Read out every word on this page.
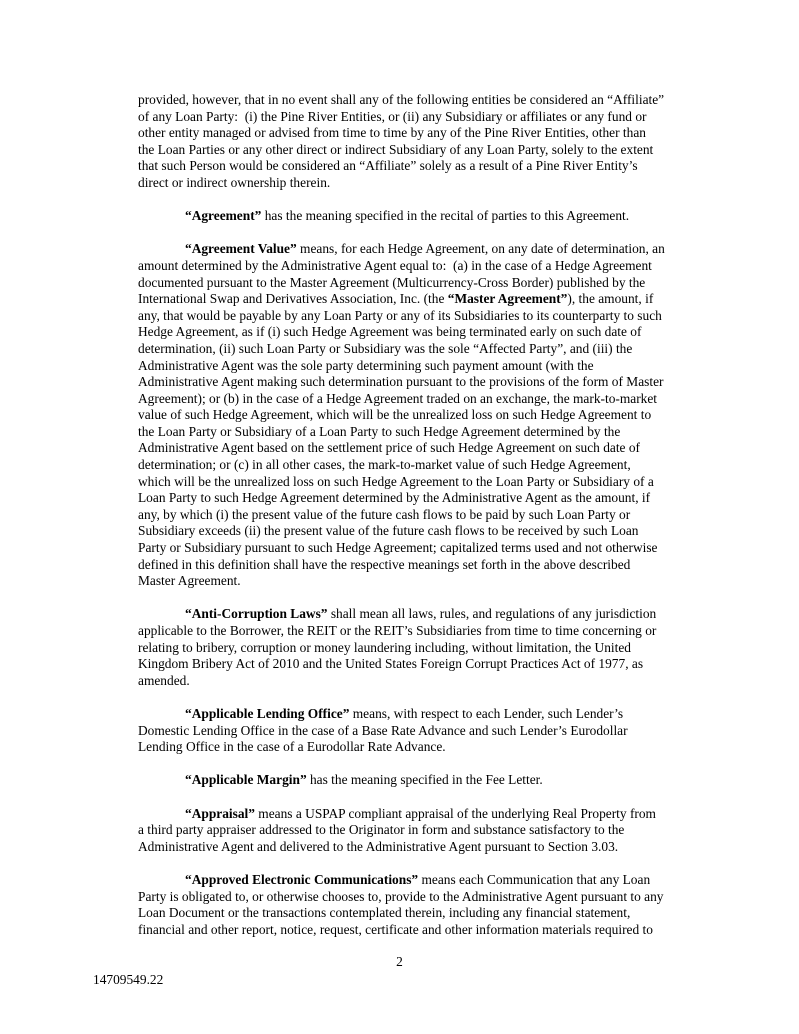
provided, however, that in no event shall any of the following entities be considered an “Affiliate” of any Loan Party:  (i) the Pine River Entities, or (ii) any Subsidiary or affiliates or any fund or other entity managed or advised from time to time by any of the Pine River Entities, other than the Loan Parties or any other direct or indirect Subsidiary of any Loan Party, solely to the extent that such Person would be considered an “Affiliate” solely as a result of a Pine River Entity’s direct or indirect ownership therein.

“Agreement” has the meaning specified in the recital of parties to this Agreement.

“Agreement Value” means, for each Hedge Agreement, on any date of determination, an amount determined by the Administrative Agent equal to:  (a) in the case of a Hedge Agreement documented pursuant to the Master Agreement (Multicurrency-Cross Border) published by the International Swap and Derivatives Association, Inc. (the “Master Agreement”), the amount, if any, that would be payable by any Loan Party or any of its Subsidiaries to its counterparty to such Hedge Agreement, as if (i) such Hedge Agreement was being terminated early on such date of determination, (ii) such Loan Party or Subsidiary was the sole “Affected Party”, and (iii) the Administrative Agent was the sole party determining such payment amount (with the Administrative Agent making such determination pursuant to the provisions of the form of Master Agreement); or (b) in the case of a Hedge Agreement traded on an exchange, the mark-to-market value of such Hedge Agreement, which will be the unrealized loss on such Hedge Agreement to the Loan Party or Subsidiary of a Loan Party to such Hedge Agreement determined by the Administrative Agent based on the settlement price of such Hedge Agreement on such date of determination; or (c) in all other cases, the mark-to-market value of such Hedge Agreement, which will be the unrealized loss on such Hedge Agreement to the Loan Party or Subsidiary of a Loan Party to such Hedge Agreement determined by the Administrative Agent as the amount, if any, by which (i) the present value of the future cash flows to be paid by such Loan Party or Subsidiary exceeds (ii) the present value of the future cash flows to be received by such Loan Party or Subsidiary pursuant to such Hedge Agreement; capitalized terms used and not otherwise defined in this definition shall have the respective meanings set forth in the above described Master Agreement.

“Anti-Corruption Laws” shall mean all laws, rules, and regulations of any jurisdiction applicable to the Borrower, the REIT or the REIT’s Subsidiaries from time to time concerning or relating to bribery, corruption or money laundering including, without limitation, the United Kingdom Bribery Act of 2010 and the United States Foreign Corrupt Practices Act of 1977, as amended.

“Applicable Lending Office” means, with respect to each Lender, such Lender’s Domestic Lending Office in the case of a Base Rate Advance and such Lender’s Eurodollar Lending Office in the case of a Eurodollar Rate Advance.

“Applicable Margin” has the meaning specified in the Fee Letter.

“Appraisal” means a USPAP compliant appraisal of the underlying Real Property from a third party appraiser addressed to the Originator in form and substance satisfactory to the Administrative Agent and delivered to the Administrative Agent pursuant to Section 3.03.

“Approved Electronic Communications” means each Communication that any Loan Party is obligated to, or otherwise chooses to, provide to the Administrative Agent pursuant to any Loan Document or the transactions contemplated therein, including any financial statement, financial and other report, notice, request, certificate and other information materials required to

2
14709549.22
